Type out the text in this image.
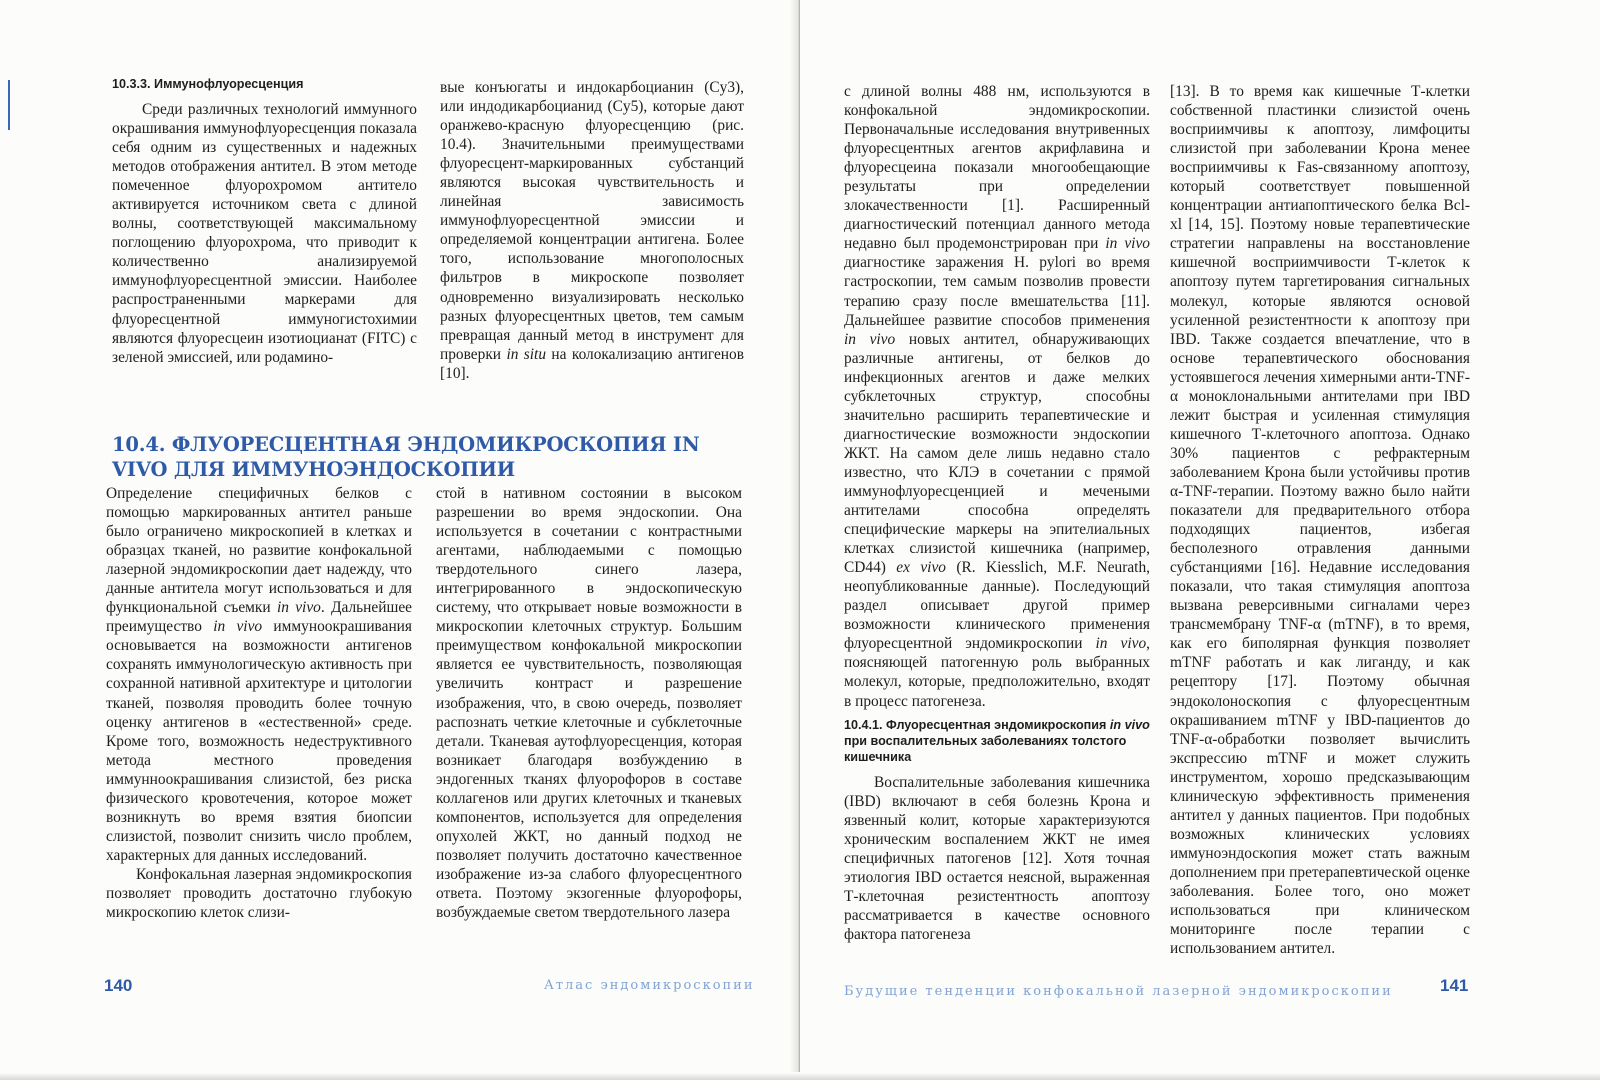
10.3.3. Иммунофлуоресценция

Среди различных технологий иммунного окрашивания иммунофлуоресценция показала себя одним из существенных и надежных методов отображения антител. В этом методе помеченное флуорохромом антитело активируется источником света с длиной волны, соответствующей максимальному поглощению флуорохрома, что приводит к количественно анализируемой иммунофлуоресцентной эмиссии. Наиболее распространенными маркерами для флуоресцентной иммуногистохимии являются флуоресцеин изотиоцианат (FITC) с зеленой эмиссией, или родамино-

вые конъюгаты и индокарбоцианин (Cy3), или индодикарбоцианид (Cy5), которые дают оранжево-красную флуоресценцию (рис. 10.4). Значительными преимуществами флуоресцент-маркированных субстанций являются высокая чувствительность и линейная зависимость иммунофлуоресцентной эмиссии и определяемой концентрации антигена. Более того, использование многополосных фильтров в микроскопе позволяет одновременно визуализировать несколько разных флуоресцентных цветов, тем самым превращая данный метод в инструмент для проверки in situ на колокализацию антигенов [10].

10.4. ФЛУОРЕСЦЕНТНАЯ ЭНДОМИКРОСКОПИЯ IN VIVO ДЛЯ ИММУНОЭНДОСКОПИИ

Определение специфичных белков с помощью маркированных антител раньше было ограничено микроскопией в клетках и образцах тканей, но развитие конфокальной лазерной эндомикроскопии дает надежду, что данные антитела могут использоваться и для функциональной съемки in vivo. Дальнейшее преимущество in vivo иммуноокрашивания основывается на возможности антигенов сохранять иммунологическую активность при сохранной нативной архитектуре и цитологии тканей, позволяя проводить более точную оценку антигенов в «естественной» среде. Кроме того, возможность недеструктивного метода местного проведения иммунноокрашивания слизистой, без риска физического кровотечения, которое может возникнуть во время взятия биопсии слизистой, позволит снизить число проблем, характерных для данных исследований.

Конфокальная лазерная эндомикроскопия позволяет проводить достаточно глубокую микроскопию клеток слизи-

стой в нативном состоянии в высоком разрешении во время эндоскопии. Она используется в сочетании с контрастными агентами, наблюдаемыми с помощью твердотельного синего лазера, интегрированного в эндоскопическую систему, что открывает новые возможности в микроскопии клеточных структур. Большим преимуществом конфокальной микроскопии является ее чувствительность, позволяющая увеличить контраст и разрешение изображения, что, в свою очередь, позволяет распознать четкие клеточные и субклеточные детали. Тканевая аутофлуоресценция, которая возникает благодаря возбуждению в эндогенных тканях флуорофоров в составе коллагенов или других клеточных и тканевых компонентов, используется для определения опухолей ЖКТ, но данный подход не позволяет получить достаточно качественное изображение из-за слабого флуоресцентного ответа. Поэтому экзогенные флуорофоры, возбуждаемые светом твердотельного лазера

140	Атлас эндомикроскопии

с длиной волны 488 нм, используются в конфокальной эндомикроскопии. Первоначальные исследования внутривенных флуоресцентных агентов акрифлавина и флуоресцеина показали многообещающие результаты при определении злокачественности [1]. Расширенный диагностический потенциал данного метода недавно был продемонстрирован при in vivo диагностике заражения H. pylori во время гастроскопии, тем самым позволив провести терапию сразу после вмешательства [11]. Дальнейшее развитие способов применения in vivo новых антител, обнаруживающих различные антигены, от белков до инфекционных агентов и даже мелких субклеточных структур, способны значительно расширить терапевтические и диагностические возможности эндоскопии ЖКТ. На самом деле лишь недавно стало известно, что КЛЭ в сочетании с прямой иммунофлуоресценцией и мечеными антителами способна определять специфические маркеры на эпителиальных клетках слизистой кишечника (например, CD44) ex vivo (R. Kiesslich, M.F. Neurath, неопубликованные данные). Последующий раздел описывает другой пример возможности клинического применения флуоресцентной эндомикроскопии in vivo, поясняющей патогенную роль выбранных молекул, которые, предположительно, входят в процесс патогенеза.

10.4.1. Флуоресцентная эндомикроскопия in vivo при воспалительных заболеваниях толстого кишечника

Воспалительные заболевания кишечника (IBD) включают в себя болезнь Крона и язвенный колит, которые характеризуются хроническим воспалением ЖКТ не имея специфичных патогенов [12]. Хотя точная этиология IBD остается неясной, выраженная Т-клеточная резистентность апоптозу рассматривается в качестве основного фактора патогенеза

[13]. В то время как кишечные Т-клетки собственной пластинки слизистой очень восприимчивы к апоптозу, лимфоциты слизистой при заболевании Крона менее восприимчивы к Fas-связанному апоптозу, который соответствует повышенной концентрации антиапоптического белка Bcl-xl [14, 15]. Поэтому новые терапевтические стратегии направлены на восстановление кишечной восприимчивости Т-клеток к апоптозу путем таргетирования сигнальных молекул, которые являются основой усиленной резистентности к апоптозу при IBD. Также создается впечатление, что в основе терапевтического обоснования устоявшегося лечения химерными анти-TNF-α моноклональными антителами при IBD лежит быстрая и усиленная стимуляция кишечного Т-клеточного апоптоза. Однако 30% пациентов с рефрактерным заболеванием Крона были устойчивы против α-TNF-терапии. Поэтому важно было найти показатели для предварительного отбора подходящих пациентов, избегая бесполезного отравления данными субстанциями [16]. Недавние исследования показали, что такая стимуляция апоптоза вызвана реверсивными сигналами через трансмембрану TNF-α (mTNF), в то время, как его биполярная функция позволяет mTNF работать и как лиганду, и как рецептору [17]. Поэтому обычная эндоколоноскопия с флуоресцентным окрашиванием mTNF у IBD-пациентов до TNF-α-обработки позволяет вычислить экспрессию mTNF и может служить инструментом, хорошо предсказывающим клиническую эффективность применения антител у данных пациентов. При подобных возможных клинических условиях иммуноэндоскопия может стать важным дополнением при претерапевтической оценке заболевания. Более того, оно может использоваться при клиническом мониторинге после терапии с использованием антител.

Будущие тенденции конфокальной лазерной эндомикроскопии	141
